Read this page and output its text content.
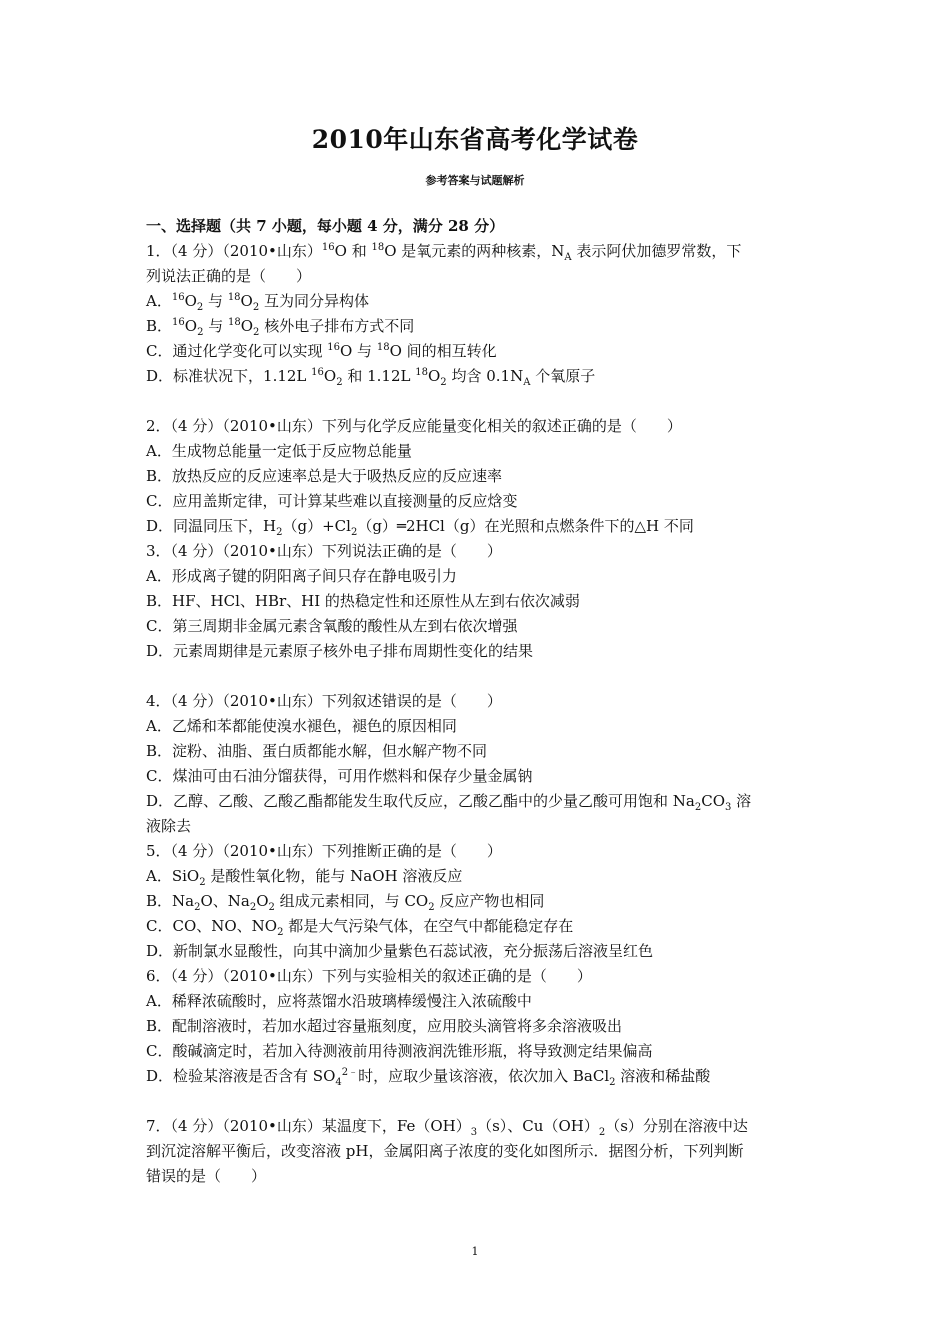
2010年山东省高考化学试卷
参考答案与试题解析
一、选择题（共 7 小题，每小题 4 分，满分 28 分）
1．（4 分）（2010•山东）$^{16}$O 和 $^{18}$O 是氧元素的两种核素，$N_A$ 表示阿伏加德罗常数，下
列说法正确的是（　　）
A．$^{16}O_2$ 与 $^{18}O_2$ 互为同分异构体
B．$^{16}O_2$ 与 $^{18}O_2$ 核外电子排布方式不同
C．通过化学变化可以实现 $^{16}$O 与 $^{18}$O 间的相互转化
D．标准状况下，1.12L $^{16}O_2$ 和 1.12L $^{18}O_2$ 均含 $0.1N_A$ 个氧原子
2．（4 分）（2010•山东）下列与化学反应能量变化相关的叙述正确的是（　　）
A．生成物总能量一定低于反应物总能量
B．放热反应的反应速率总是大于吸热反应的反应速率
C．应用盖斯定律，可计算某些难以直接测量的反应焓变
D．同温同压下，$H_2(g)+Cl_2(g)═2HCl(g)$在光照和点燃条件下的△H 不同
3．（4 分）（2010•山东）下列说法正确的是（　　）
A．形成离子键的阴阳离子间只存在静电吸引力
B．HF、HCl、HBr、HI 的热稳定性和还原性从左到右依次减弱
C．第三周期非金属元素含氧酸的酸性从左到右依次增强
D．元素周期律是元素原子核外电子排布周期性变化的结果
4．（4 分）（2010•山东）下列叙述错误的是（　　）
A．乙烯和苯都能使溴水褪色，褪色的原因相同
B．淀粉、油脂、蛋白质都能水解，但水解产物不同
C．煤油可由石油分馏获得，可用作燃料和保存少量金属钠
D．乙醇、乙酸、乙酸乙酯都能发生取代反应，乙酸乙酯中的少量乙酸可用饱和 $Na_2CO_3$ 溶
液除去
5．（4 分）（2010•山东）下列推断正确的是（　　）
A．SiO$_2$ 是酸性氧化物，能与 NaOH 溶液反应
B．$Na_2O$、$Na_2O_2$ 组成元素相同，与 $CO_2$ 反应产物也相同
C．CO、NO、$NO_2$ 都是大气污染气体，在空气中都能稳定存在
D．新制氯水显酸性，向其中滴加少量紫色石蕊试液，充分振荡后溶液呈红色
6．（4 分）（2010•山东）下列与实验相关的叙述正确的是（　　）
A．稀释浓硫酸时，应将蒸馏水沿玻璃棒缓慢注入浓硫酸中
B．配制溶液时，若加水超过容量瓶刻度，应用胶头滴管将多余溶液吸出
C．酸碱滴定时，若加入待测液前用待测液润洗锥形瓶，将导致测定结果偏高
D．检验某溶液是否含有 $SO_4^{2﹣}$时，应取少量该溶液，依次加入 BaCl$_2$ 溶液和稀盐酸
7．（4 分）（2010•山东）某温度下，$Fe(OH)_3(s)$、$Cu(OH)_2(s)$分别在溶液中达
到沉淀溶解平衡后，改变溶液 pH，金属阳离子浓度的变化如图所示．据图分析，下列判断
错误的是（　　）
1
